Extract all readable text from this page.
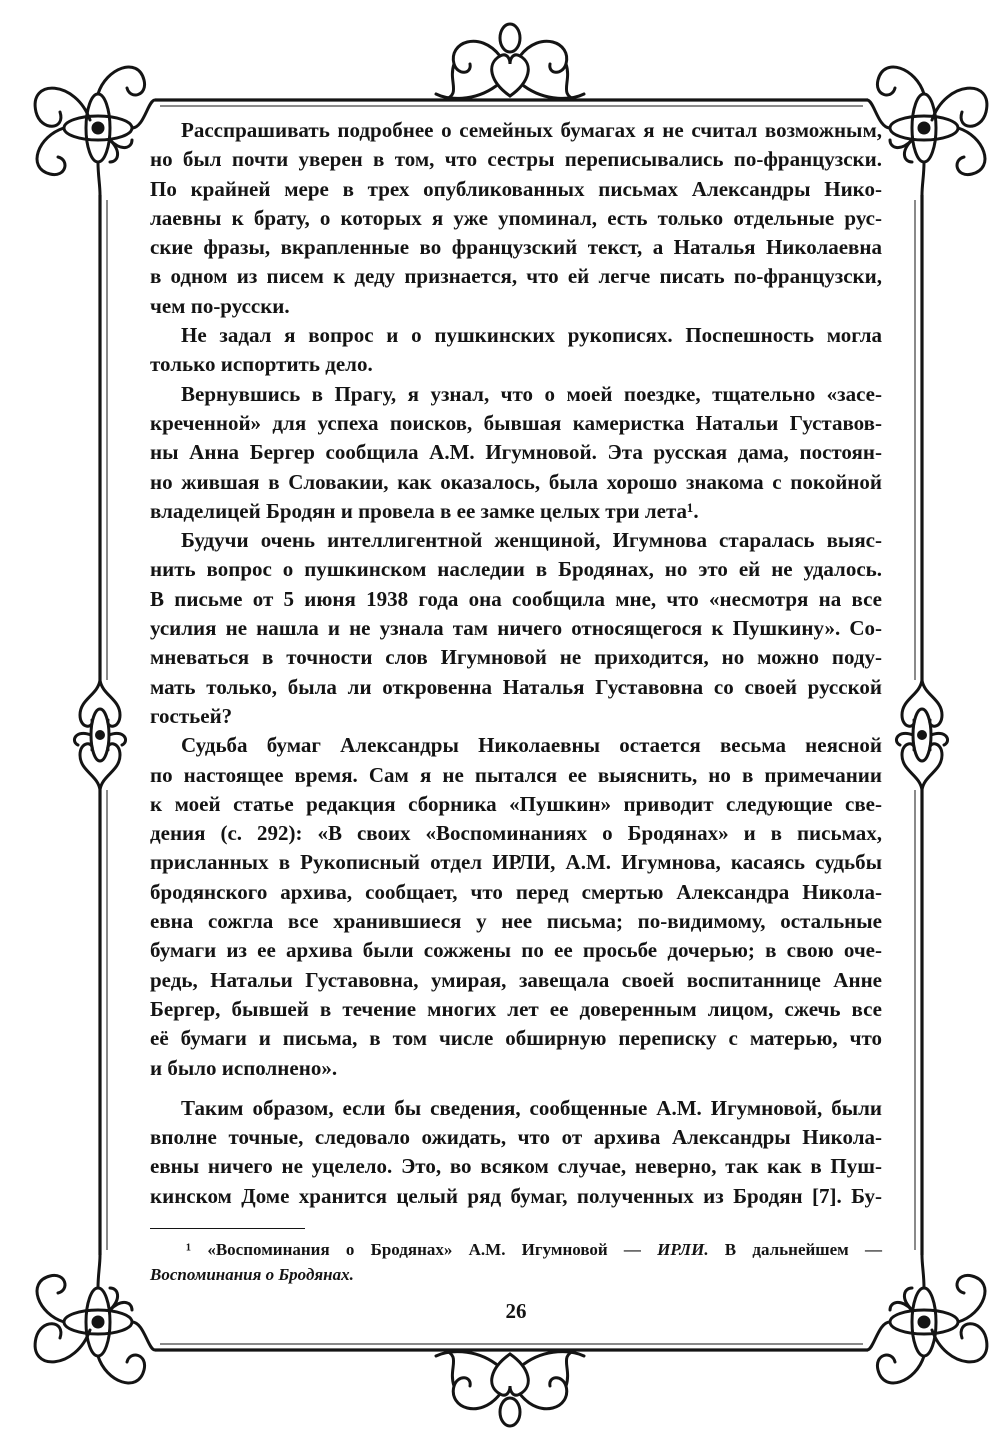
Расспрашивать подробнее о семейных бумагах я не считал возможным,
но был почти уверен в том, что сестры переписывались по-французски.
По крайней мере в трех опубликованных письмах Александры Нико-
лаевны к брату, о которых я уже упоминал, есть только отдельные рус-
ские фразы, вкрапленные во французский текст, а Наталья Николаевна
в одном из писем к деду признается, что ей легче писать по-французски,
чем по-русски.
Не задал я вопрос и о пушкинских рукописях. Поспешность могла
только испортить дело.
Вернувшись в Прагу, я узнал, что о моей поездке, тщательно «засе-
креченной» для успеха поисков, бывшая камеристка Натальи Густавов-
ны Анна Бергер сообщила А.М. Игумновой. Эта русская дама, постоян-
но жившая в Словакии, как оказалось, была хорошо знакома с покойной
владелицей Бродян и провела в ее замке целых три лета¹.
Будучи очень интеллигентной женщиной, Игумнова старалась выяс-
нить вопрос о пушкинском наследии в Бродянах, но это ей не удалось.
В письме от 5 июня 1938 года она сообщила мне, что «несмотря на все
усилия не нашла и не узнала там ничего относящегося к Пушкину». Со-
мневаться в точности слов Игумновой не приходится, но можно поду-
мать только, была ли откровенна Наталья Густавовна со своей русской
гостьей?
Судьба бумаг Александры Николаевны остается весьма неясной
по настоящее время. Сам я не пытался ее выяснить, но в примечании
к моей статье редакция сборника «Пушкин» приводит следующие све-
дения (с. 292): «В своих «Воспоминаниях о Бродянах» и в письмах,
присланных в Рукописный отдел ИРЛИ, А.М. Игумнова, касаясь судьбы
бродянского архива, сообщает, что перед смертью Александра Никола-
евна сожгла все хранившиеся у нее письма; по-видимому, остальные
бумаги из ее архива были сожжены по ее просьбе дочерью; в свою оче-
редь, Натальи Густавовна, умирая, завещала своей воспитаннице Анне
Бергер, бывшей в течение многих лет ее доверенным лицом, сжечь все
её бумаги и письма, в том числе обширную переписку с матерью, что
и было исполнено».
Таким образом, если бы сведения, сообщенные А.М. Игумновой, были
вполне точные, следовало ожидать, что от архива Александры Никола-
евны ничего не уцелело. Это, во всяком случае, неверно, так как в Пуш-
кинском Доме хранится целый ряд бумаг, полученных из Бродян [7]. Бу-
¹ «Воспоминания о Бродянах» А.М. Игумновой — ИРЛИ. В дальнейшем —
Воспоминания о Бродянах.
26
